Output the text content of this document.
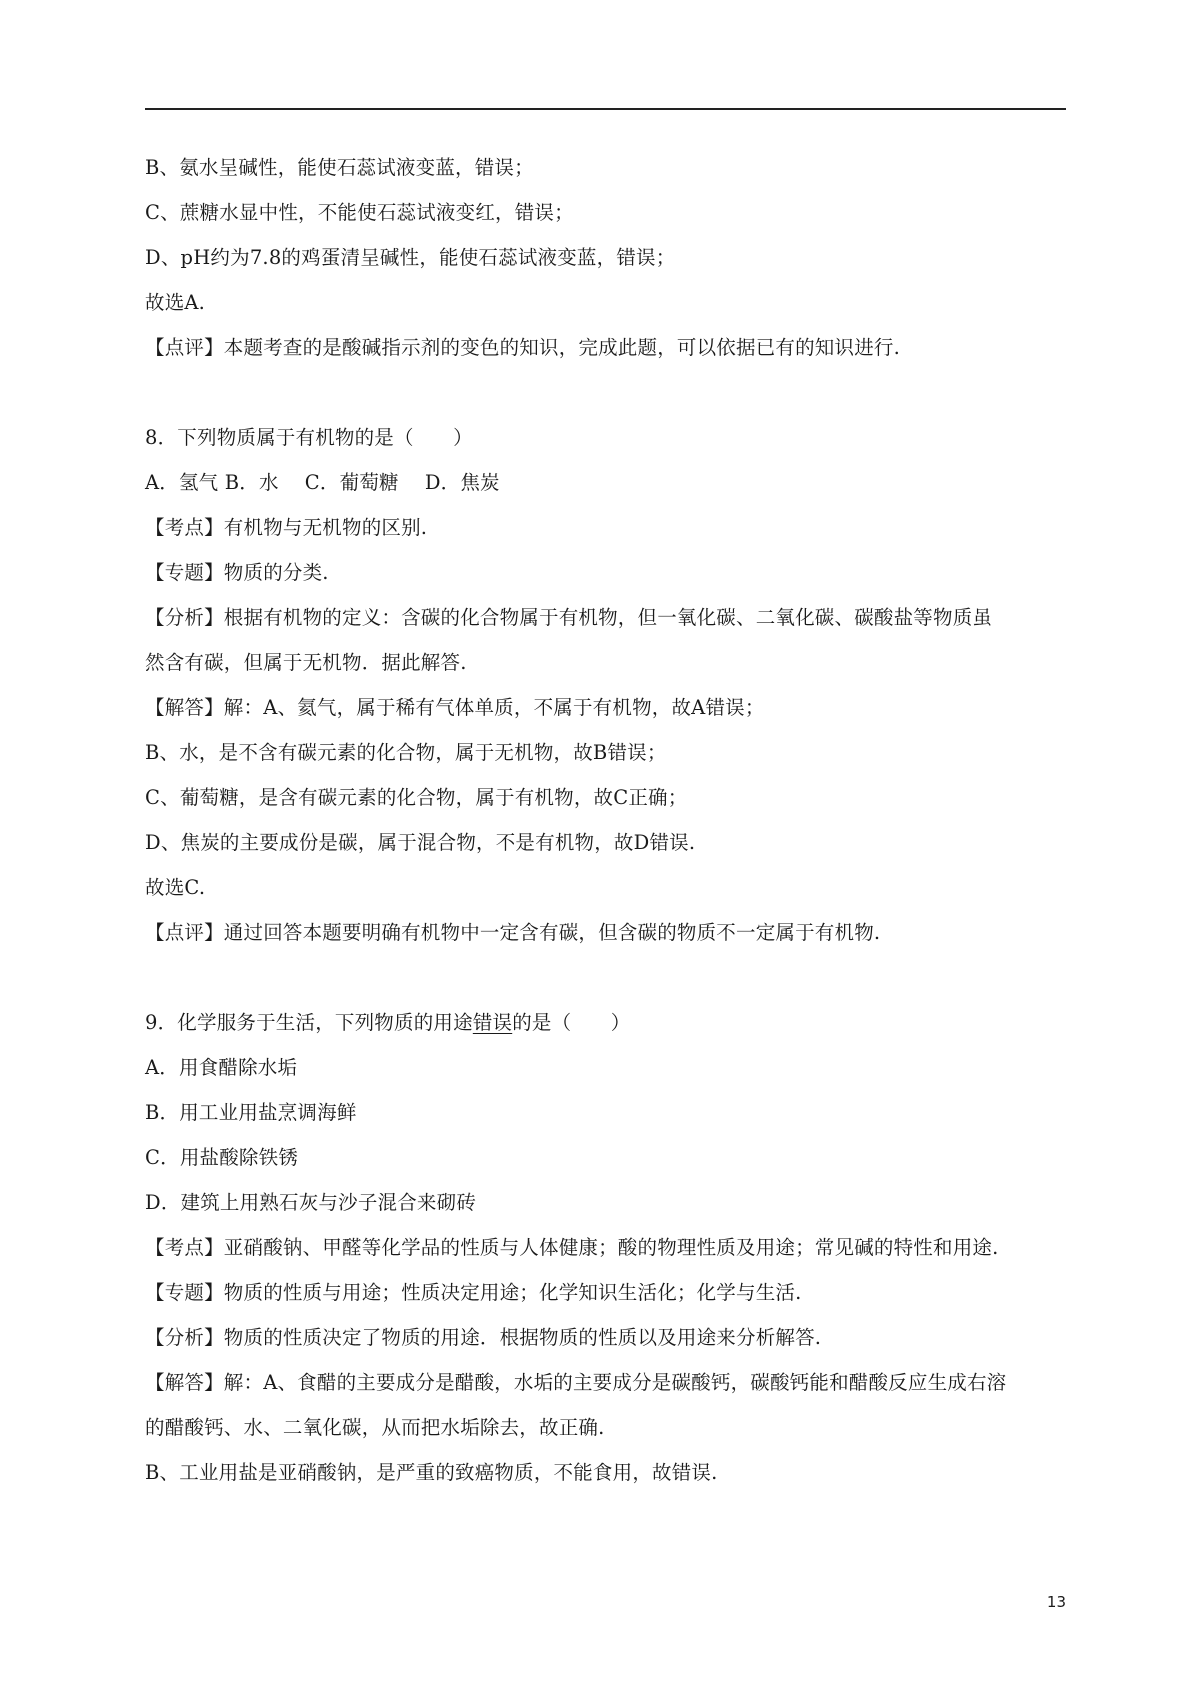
B、氨水呈碱性，能使石蕊试液变蓝，错误；
C、蔗糖水显中性，不能使石蕊试液变红，错误；
D、pH约为7.8的鸡蛋清呈碱性，能使石蕊试液变蓝，错误；
故选A.
【点评】本题考查的是酸碱指示剂的变色的知识，完成此题，可以依据已有的知识进行.
8．下列物质属于有机物的是（　　）
A．氢气 B．水　 C．葡萄糖　 D．焦炭
【考点】有机物与无机物的区别.
【专题】物质的分类.
【分析】根据有机物的定义：含碳的化合物属于有机物，但一氧化碳、二氧化碳、碳酸盐等物质虽
然含有碳，但属于无机物．据此解答.
【解答】解：A、氦气，属于稀有气体单质，不属于有机物，故A错误；
B、水，是不含有碳元素的化合物，属于无机物，故B错误；
C、葡萄糖，是含有碳元素的化合物，属于有机物，故C正确；
D、焦炭的主要成份是碳，属于混合物，不是有机物，故D错误.
故选C.
【点评】通过回答本题要明确有机物中一定含有碳，但含碳的物质不一定属于有机物.
9．化学服务于生活，下列物质的用途错误的是（　　）
A．用食醋除水垢
B．用工业用盐烹调海鲜
C．用盐酸除铁锈
D．建筑上用熟石灰与沙子混合来砌砖
【考点】亚硝酸钠、甲醛等化学品的性质与人体健康；酸的物理性质及用途；常见碱的特性和用途.
【专题】物质的性质与用途；性质决定用途；化学知识生活化；化学与生活.
【分析】物质的性质决定了物质的用途．根据物质的性质以及用途来分析解答.
【解答】解：A、食醋的主要成分是醋酸，水垢的主要成分是碳酸钙，碳酸钙能和醋酸反应生成右溶
的醋酸钙、水、二氧化碳，从而把水垢除去，故正确.
B、工业用盐是亚硝酸钠，是严重的致癌物质，不能食用，故错误.
13
